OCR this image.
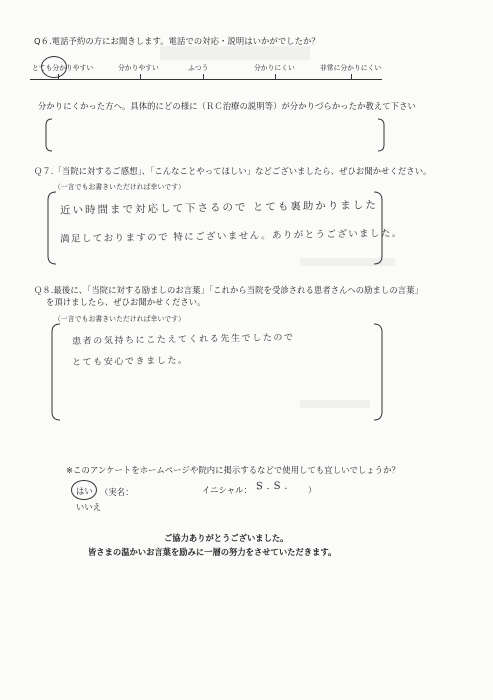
Q６.電話予約の方にお聞きします。電話での対応・説明はいかがでしたか？
とても分かりやすい	分かりやすい	ふつう	分かりにくい	非常に分かりにくい
分かりにくかった方へ。具体的にどの様に（ＲＣ治療の説明等）が分かりづらかったか教えて下さい
Ｑ７.「当院に対するご感想」、「こんなことやってほしい」などございましたら、ぜひお聞かせください。
（一言でもお書きいただければ幸いです）
近い時間まで対応して下さるので とても裏助かりました
満足しておりますので 特にございません。ありがとうございました。
Ｑ８.最後に、「当院に対する励ましのお言葉」「これから当院を受診される患者さんへの励ましの言葉」
を頂けましたら、ぜひお聞かせください。
（一言でもお書きいただければ幸いです）
患者の気持ちにこたえてくれる先生でしたので
とても安心できました。
※このアンケートをホームページや院内に掲示するなどで使用しても宜しいでしょうか？
はい （実名：	イニシャル： S.S. ）
いいえ
ご協力ありがとうございました。
皆さまの温かいお言葉を励みに一層の努力をさせていただきます。
